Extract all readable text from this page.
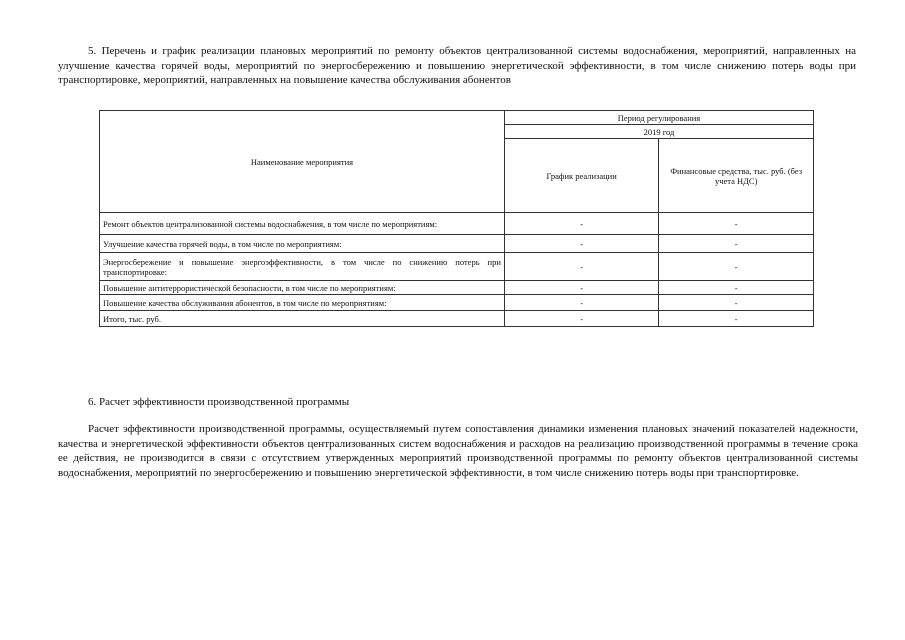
5. Перечень и график реализации плановых мероприятий по ремонту объектов централизованной системы водоснабжения, мероприятий, направленных на улучшение качества горячей воды, мероприятий по энергосбережению и повышению энергетической эффективности, в том числе снижению потерь воды при транспортировке, мероприятий, направленных на повышение качества обслуживания абонентов
Наименование мероприятия	Период регулирования	
	2019 год	
	График реализации	Финансовые средства, тыс. руб. (без учета НДС)
Ремонт объектов централизованной системы водоснабжения, в том числе по мероприятиям:	-	-
Улучшение качества горячей воды, в том числе по мероприятиям:	-	-
Энергосбережение и повышение энергоэффективности, в том числе по снижению потерь при транспортировке:	-	-
Повышение антитеррористической безопасности, в том числе по мероприятиям:	-	-
Повышение качества обслуживания абонентов, в том числе по мероприятиям:	-	-
Итого, тыс. руб.	-	-
6. Расчет эффективности производственной программы
Расчет эффективности производственной программы, осуществляемый путем сопоставления динамики изменения плановых значений показателей надежности, качества и энергетической эффективности объектов централизованных систем водоснабжения и расходов на реализацию производственной программы в течение срока ее действия, не производится в связи с отсутствием утвержденных мероприятий производственной программы по ремонту объектов централизованной системы водоснабжения, мероприятий по энергосбережению и повышению энергетической эффективности, в том числе снижению потерь воды при транспортировке.
